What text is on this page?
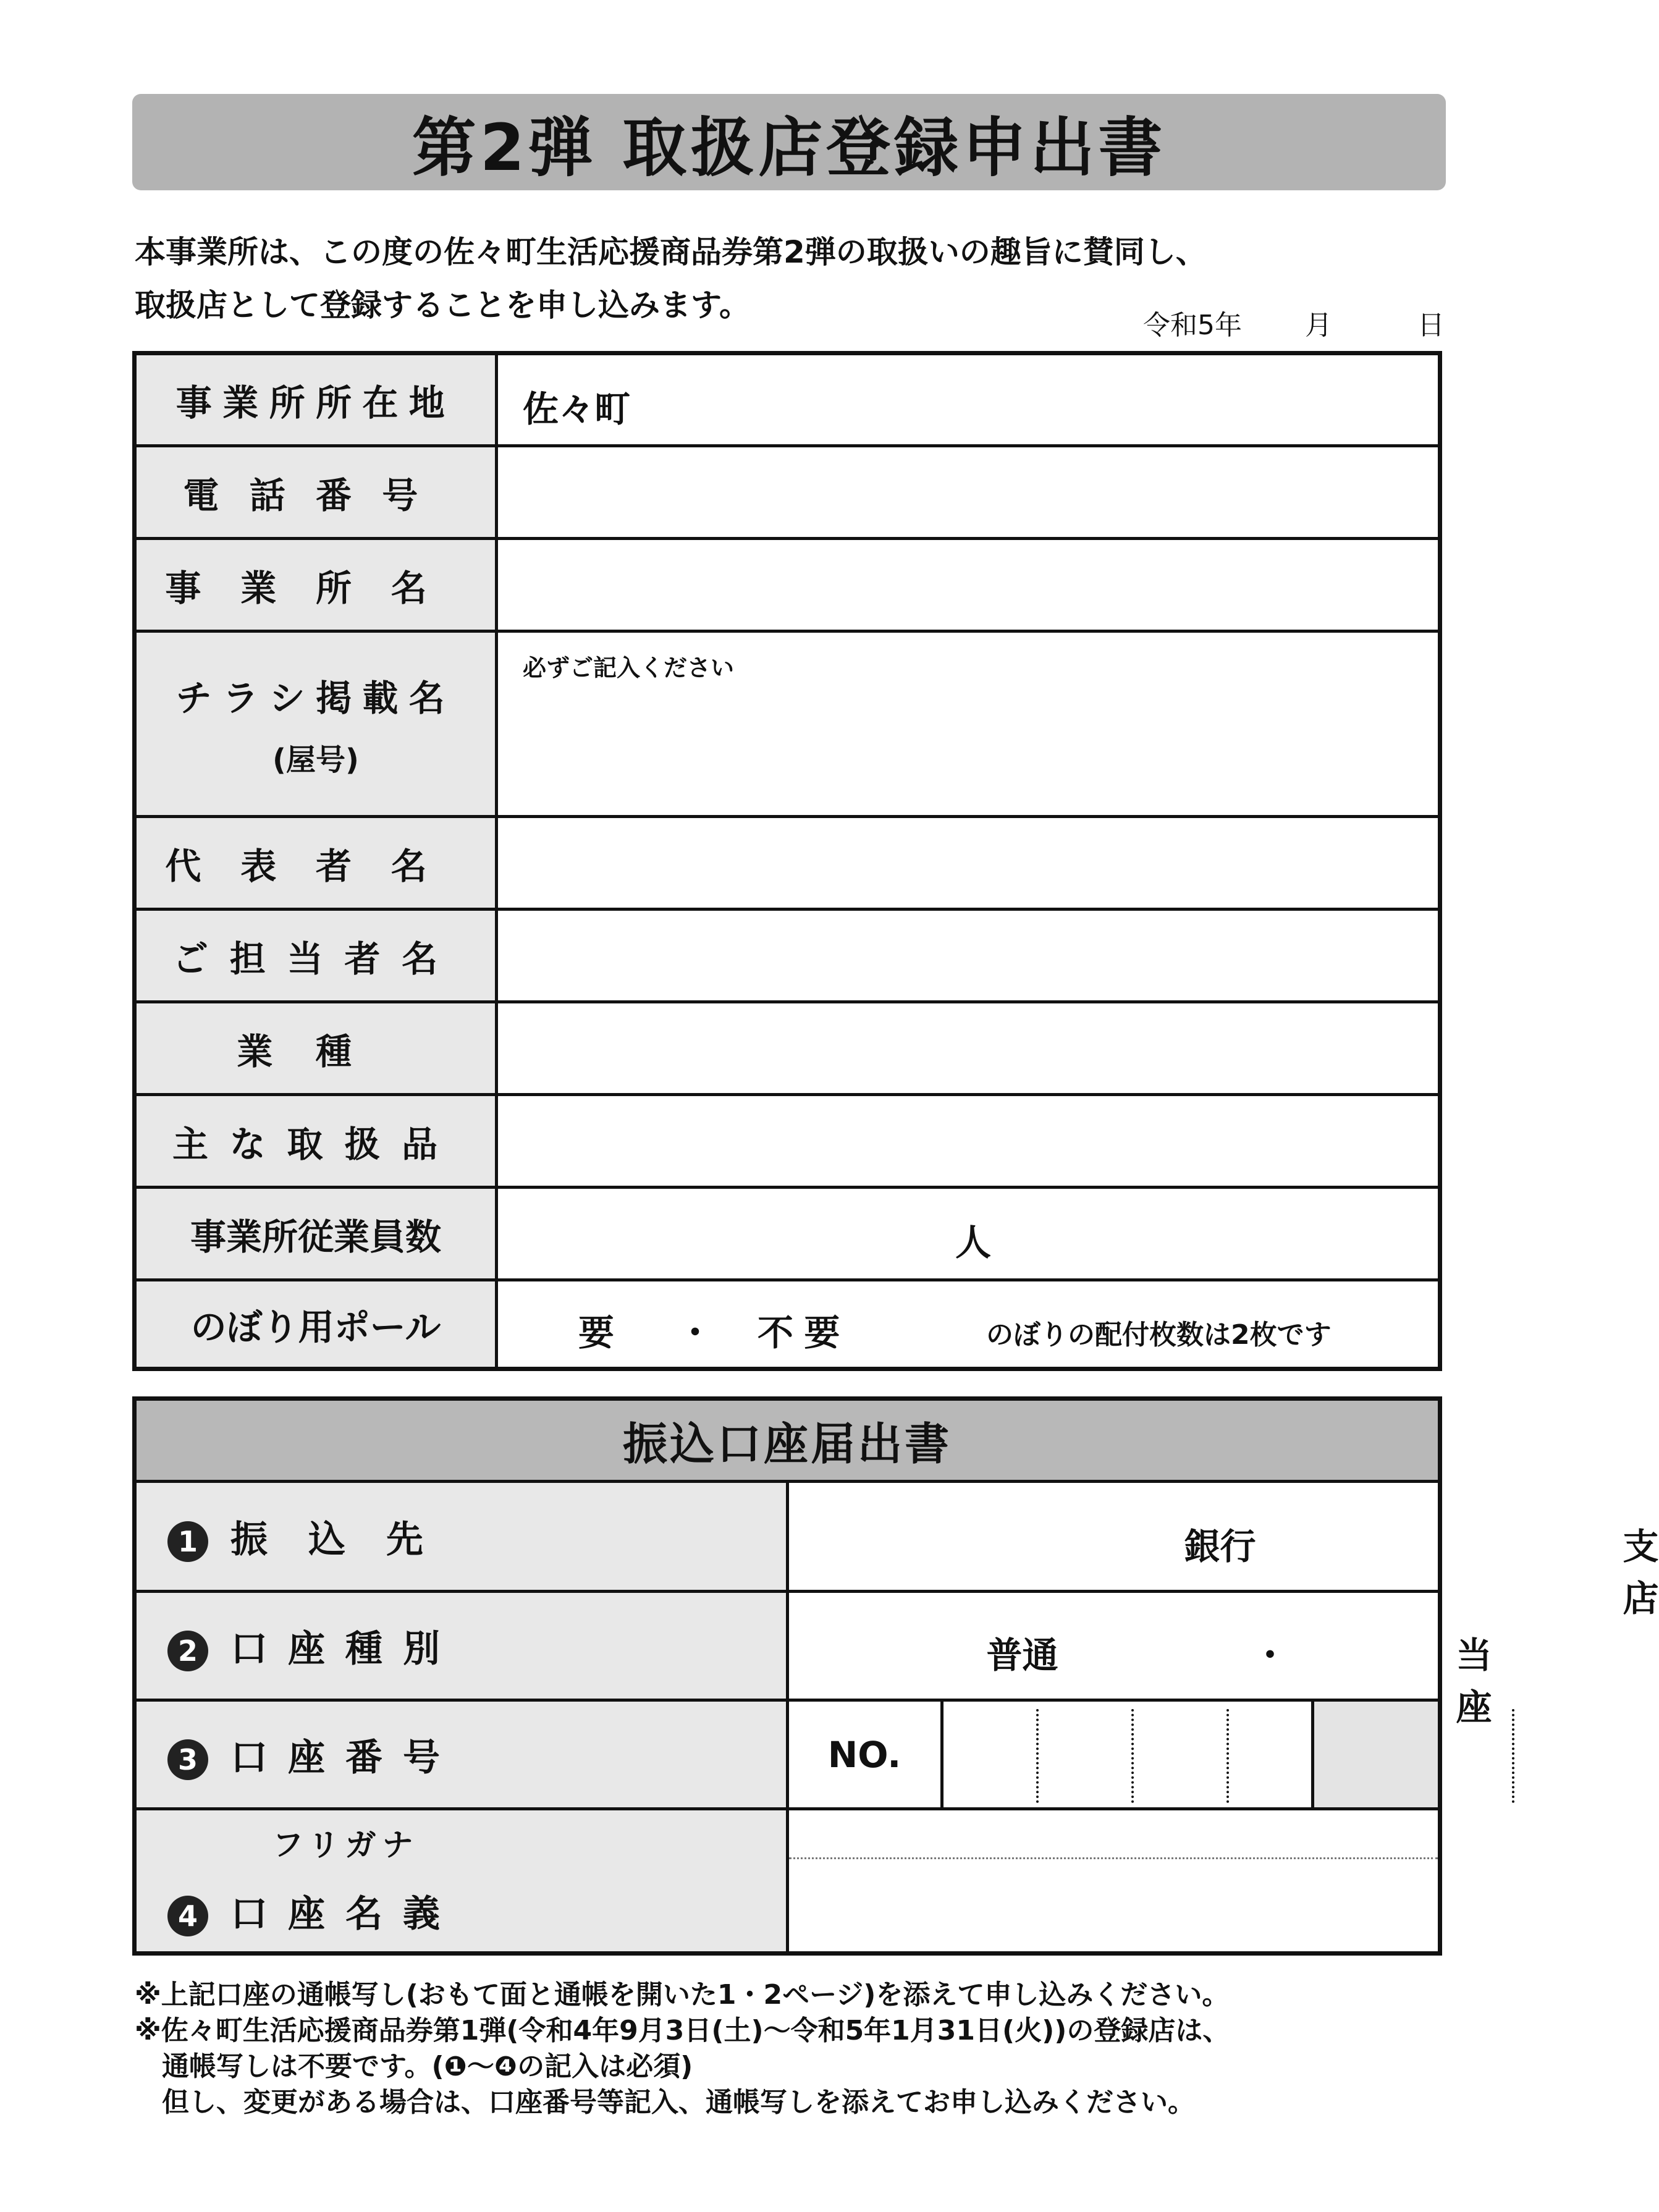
第2弾 取扱店登録申出書
本事業所は、この度の佐々町生活応援商品券第2弾の取扱いの趣旨に賛同し、
取扱店として登録することを申し込みます。
令和5年 月	日
事業所所在地	佐々町

電話番号	
事業所名	

チラシ掲載名
(屋号)	必ずご記入ください

代表者名	
ご担当者名	
業種	
主な取扱品	
事業所従業員数	人

のぼり用ポール	要 ・ 不要 のぼりの配付枚数は2枚です
振込口座届出書	
1 振込先	銀行 支店

2 口座種別	普通 ・ 当座

3 口座番号	NO.

フリガナ
4 口座名義	

※上記口座の通帳写し(おもて面と通帳を開いた1・2ページ)を添えて申し込みください。
※佐々町生活応援商品券第1弾(令和4年9月3日(土)～令和5年1月31日(火))の登録店は、
通帳写しは不要です。(❶～❹の記入は必須)
但し、変更がある場合は、口座番号等記入、通帳写しを添えてお申し込みください。
